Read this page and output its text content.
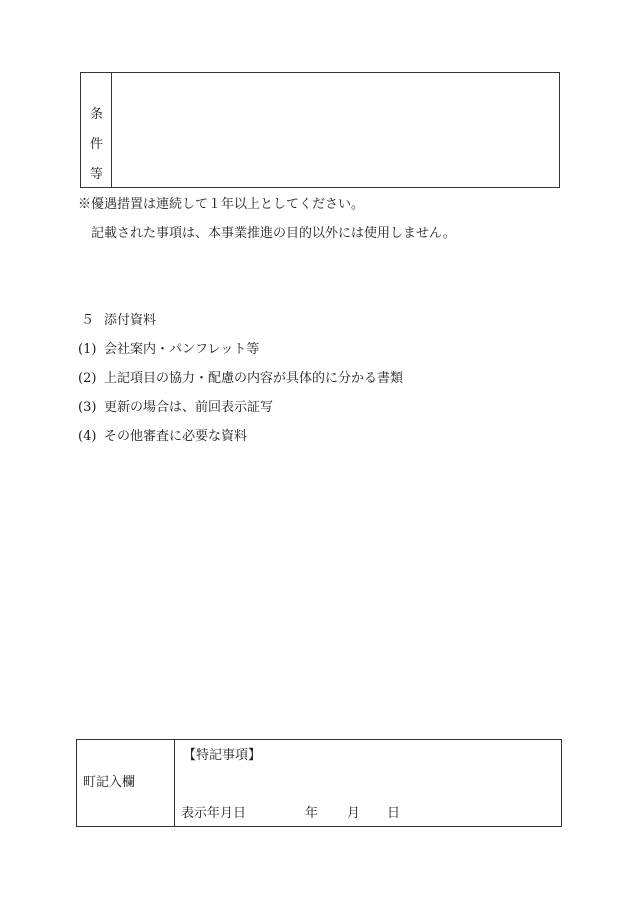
条
件
等
※優遇措置は連続して１年以上としてください。
記載された事項は、本事業推進の目的以外には使用しません。
５ 添付資料
(1) 会社案内・パンフレット等
(2) 上記項目の協力・配慮の内容が具体的に分かる書類
(3) 更新の場合は、前回表示証写
(4) その他審査に必要な資料
町記入欄
【特記事項】
表示年月日	年 月 日
